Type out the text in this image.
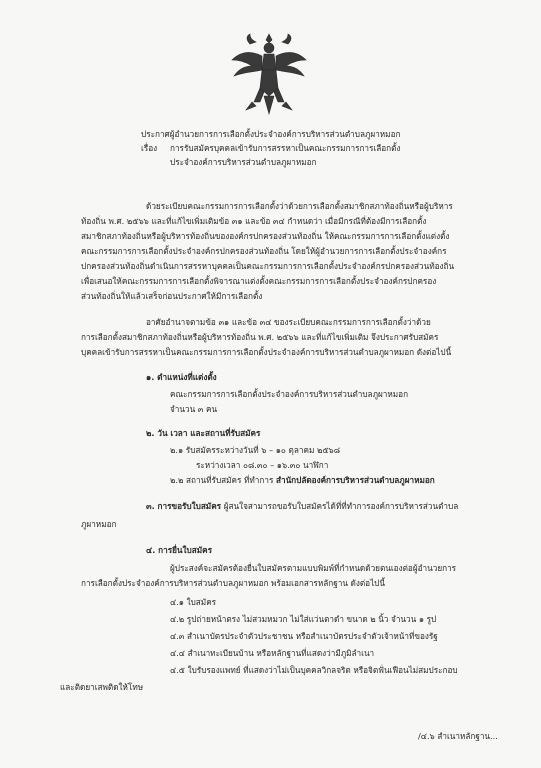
ประกาศผู้อำนวยการการเลือกตั้งประจำองค์การบริหารส่วนตำบลภูผาหมอก
เรื่อง การรับสมัครบุคคลเข้ารับการสรรหาเป็นคณะกรรมการการเลือกตั้ง
ประจำองค์การบริหารส่วนตำบลภูผาหมอก
ด้วยระเบียบคณะกรรมการการเลือกตั้งว่าด้วยการเลือกตั้งสมาชิกสภาท้องถิ่นหรือผู้บริหาร
ท้องถิ่น พ.ศ. ๒๕๖๖ และที่แก้ไขเพิ่มเติมข้อ ๓๑ และข้อ ๓๔ กำหนดว่า เมื่อมีกรณีที่ต้องมีการเลือกตั้ง
สมาชิกสภาท้องถิ่นหรือผู้บริหารท้องถิ่นขององค์กรปกครองส่วนท้องถิ่น ให้คณะกรรมการการเลือกตั้งแต่งตั้ง
คณะกรรมการการเลือกตั้งประจำองค์กรปกครองส่วนท้องถิ่น โดยให้ผู้อำนวยการการเลือกตั้งประจำองค์กร
ปกครองส่วนท้องถิ่นดำเนินการสรรหาบุคคลเป็นคณะกรรมการการเลือกตั้งประจำองค์กรปกครองส่วนท้องถิ่น
เพื่อเสนอให้คณะกรรมการการเลือกตั้งพิจารณาแต่งตั้งคณะกรรมการการเลือกตั้งประจำองค์กรปกครอง
ส่วนท้องถิ่นให้แล้วเสร็จก่อนประกาศให้มีการเลือกตั้ง
อาศัยอำนาจตามข้อ ๓๑ และข้อ ๓๔ ของระเบียบคณะกรรมการการเลือกตั้งว่าด้วย
การเลือกตั้งสมาชิกสภาท้องถิ่นหรือผู้บริหารท้องถิ่น พ.ศ. ๒๕๖๖ และที่แก้ไขเพิ่มเติม จึงประกาศรับสมัคร
บุคคลเข้ารับการสรรหาเป็นคณะกรรมการการเลือกตั้งประจำองค์การบริหารส่วนตำบลภูผาหมอก ดังต่อไปนี้
๑. ตำแหน่งที่แต่งตั้ง
คณะกรรมการการเลือกตั้งประจำองค์การบริหารส่วนตำบลภูผาหมอก
จำนวน ๓ คน
๒. วัน เวลา และสถานที่รับสมัคร
๒.๑ รับสมัครระหว่างวันที่ ๖ – ๑๐ ตุลาคม ๒๕๖๘
ระหว่างเวลา ๐๘.๓๐ – ๑๖.๓๐ นาฬิกา
๒.๒ สถานที่รับสมัคร ที่ทำการ สำนักปลัดองค์การบริหารส่วนตำบลภูผาหมอก
๓. การขอรับใบสมัคร ผู้สนใจสามารถขอรับใบสมัครได้ที่ที่ทำการองค์การบริหารส่วนตำบล
ภูผาหมอก
๔. การยื่นใบสมัคร
ผู้ประสงค์จะสมัครต้องยื่นใบสมัครตามแบบพิมพ์ที่กำหนดด้วยตนเองต่อผู้อำนวยการ
การเลือกตั้งประจำองค์การบริหารส่วนตำบลภูผาหมอก พร้อมเอกสารหลักฐาน ดังต่อไปนี้
๔.๑ ใบสมัคร
๔.๒ รูปถ่ายหน้าตรง ไม่สวมหมวก ไม่ใส่แว่นตาดำ ขนาด ๒ นิ้ว จำนวน ๑ รูป
๔.๓ สำเนาบัตรประจำตัวประชาชน หรือสำเนาบัตรประจำตัวเจ้าหน้าที่ของรัฐ
๔.๔ สำเนาทะเบียนบ้าน หรือหลักฐานที่แสดงว่ามีภูมิลำเนา
๔.๕ ใบรับรองแพทย์ ที่แสดงว่าไม่เป็นบุคคลวิกลจริต หรือจิตฟั่นเฟือนไม่สมประกอบ
และติดยาเสพติดให้โทษ
/๔.๖ สำเนาหลักฐาน...
